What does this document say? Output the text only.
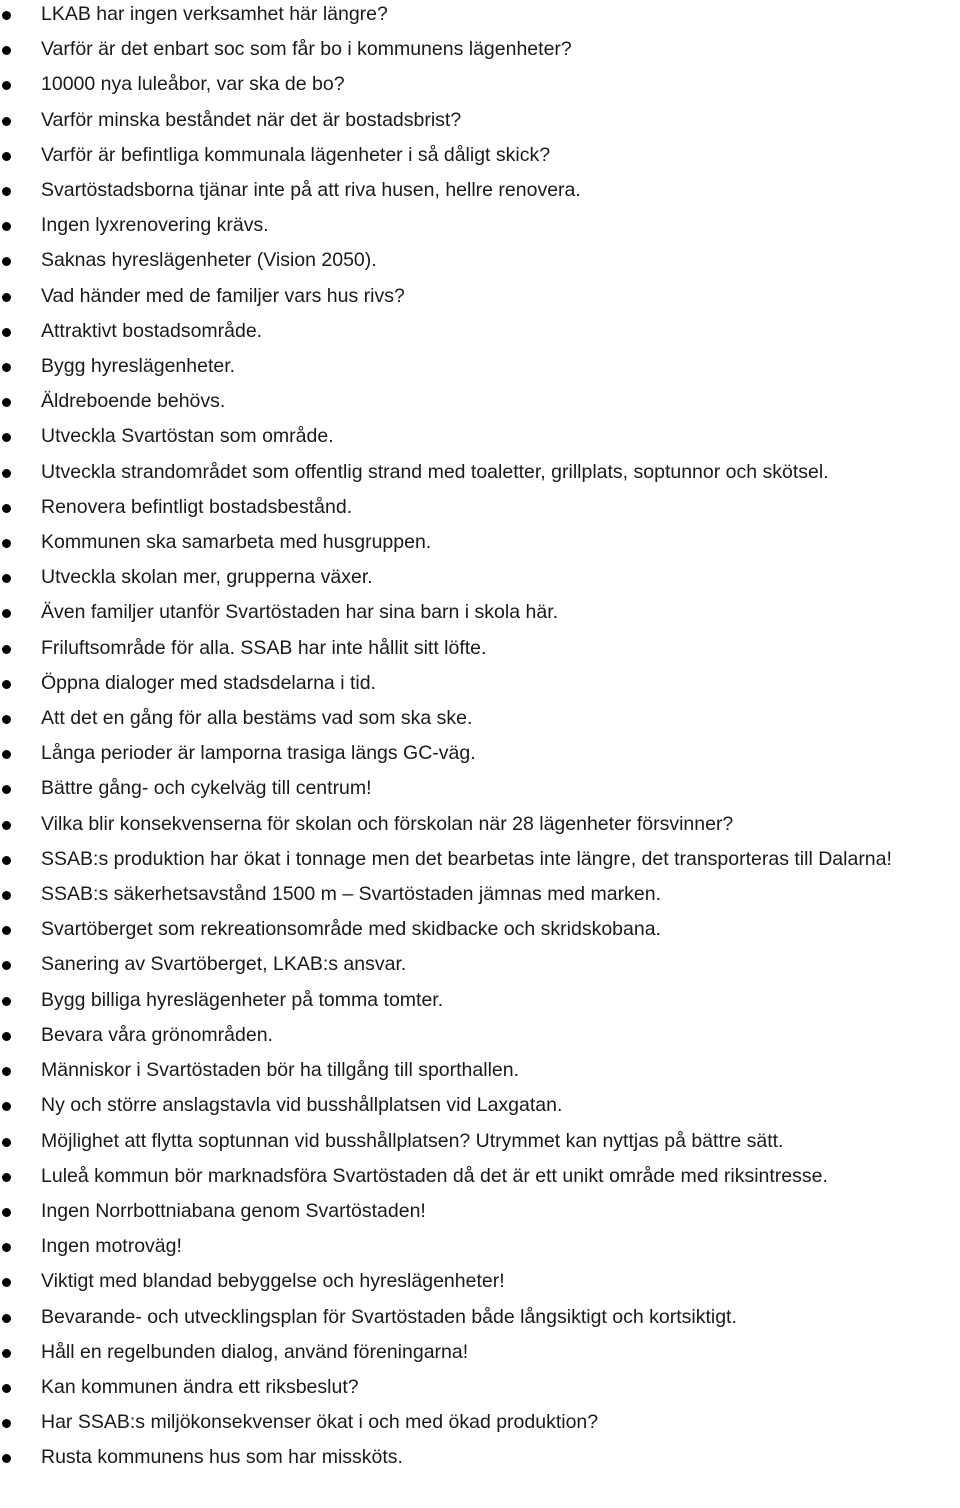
LKAB har ingen verksamhet här längre?
Varför är det enbart soc som får bo i kommunens lägenheter?
10000 nya luleåbor, var ska de bo?
Varför minska beståndet när det är bostadsbrist?
Varför är befintliga kommunala lägenheter i så dåligt skick?
Svartöstadsborna tjänar inte på att riva husen, hellre renovera.
Ingen lyxrenovering krävs.
Saknas hyreslägenheter (Vision 2050).
Vad händer med de familjer vars hus rivs?
Attraktivt bostadsområde.
Bygg hyreslägenheter.
Äldreboende behövs.
Utveckla Svartöstan som område.
Utveckla strandområdet som offentlig strand med toaletter, grillplats, soptunnor och skötsel.
Renovera befintligt bostadsbestånd.
Kommunen ska samarbeta med husgruppen.
Utveckla skolan mer, grupperna växer.
Även familjer utanför Svartöstaden har sina barn i skola här.
Friluftsområde för alla. SSAB har inte hållit sitt löfte.
Öppna dialoger med stadsdelarna i tid.
Att det en gång för alla bestäms vad som ska ske.
Långa perioder är lamporna trasiga längs GC-väg.
Bättre gång- och cykelväg till centrum!
Vilka blir konsekvenserna för skolan och förskolan när 28 lägenheter försvinner?
SSAB:s produktion har ökat i tonnage men det bearbetas inte längre, det transporteras till Dalarna!
SSAB:s säkerhetsavstånd 1500 m – Svartöstaden jämnas med marken.
Svartöberget som rekreationsområde med skidbacke och skridskobana.
Sanering av Svartöberget, LKAB:s ansvar.
Bygg billiga hyreslägenheter på tomma tomter.
Bevara våra grönområden.
Människor i Svartöstaden bör ha tillgång till sporthallen.
Ny och större anslagstavla vid busshållplatsen vid Laxgatan.
Möjlighet att flytta soptunnan vid busshållplatsen? Utrymmet kan nyttjas på bättre sätt.
Luleå kommun bör marknadsföra Svartöstaden då det är ett unikt område med riksintresse.
Ingen Norrbottniabana genom Svartöstaden!
Ingen motroväg!
Viktigt med blandad bebyggelse och hyreslägenheter!
Bevarande- och utvecklingsplan för Svartöstaden både långsiktigt och kortsiktigt.
Håll en regelbunden dialog, använd föreningarna!
Kan kommunen ändra ett riksbeslut?
Har SSAB:s miljökonsekvenser ökat i och med ökad produktion?
Rusta kommunens hus som har missköts.
